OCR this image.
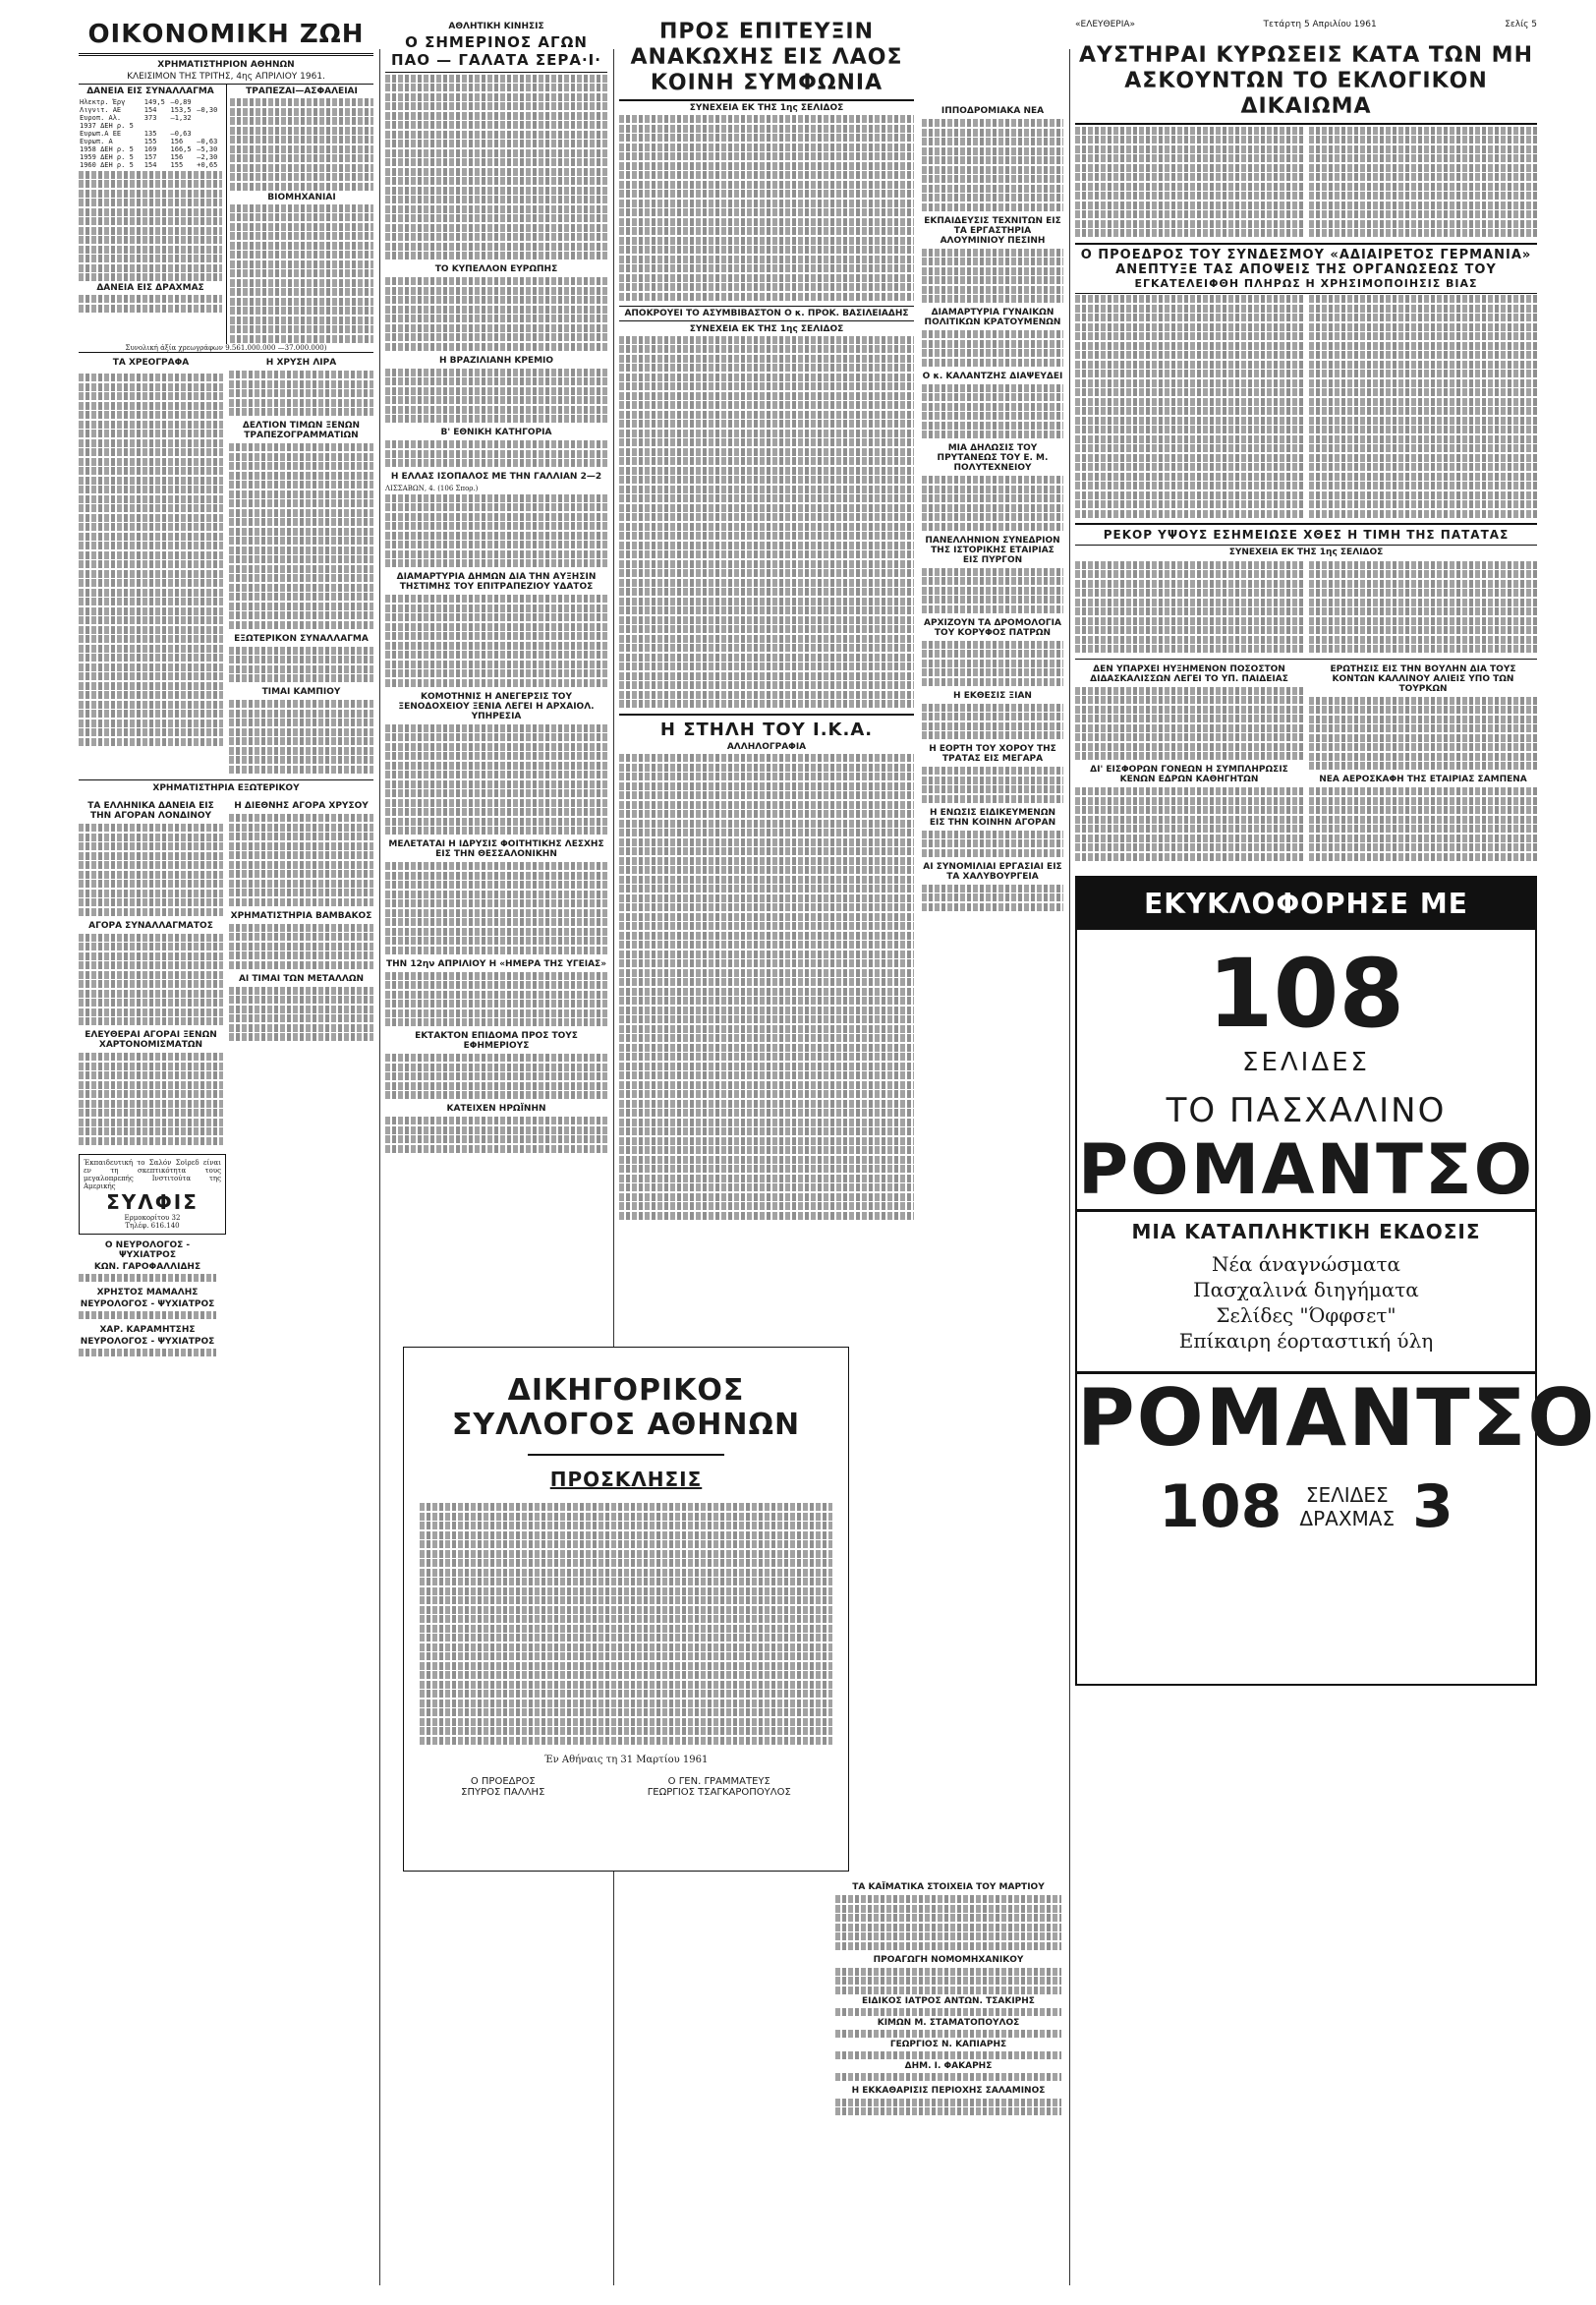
«ΕΛΕΥΘΕΡΙΑ»	Τετάρτη 5 Απριλίου 1961	Σελίς 5
ΟΙΚΟΝΟΜΙΚΗ ΖΩΗ
ΧΡΗΜΑΤΙΣΤΗΡΙΟΝ ΑΘΗΝΩΝ
ΚΛΕΙΣΙΜΟΝ ΤΗΣ ΤΡΙΤΗΣ, 4ης ΑΠΡΙΛΙΟΥ 1961.
ΔΑΝΕΙΑ ΕΙΣ ΣΥΝΑΛΛΑΓΜΑ
Ηλεκτρ. Έργ	149,5	—0,89	
Λιγνιτ. ΑΕ	154	153,5	—0,30
Ευροπ. Αλ.	373	—1,32	
1937 ΔΕΗ ρ. 5			
Ευρωπ.Α ΕΕ	135	—0,63	
Ευρωπ. Α	155	156	—0,63
1958 ΔΕΗ ρ. 5	169	166,5	—5,30
1959 ΔΕΗ ρ. 5	157	156	—2,30
1960 ΔΕΗ ρ. 5	154	155	+0,65
ΔΑΝΕΙΑ ΕΙΣ ΔΡΑΧΜΑΣ
ΤΡΑΠΕΖΑΙ—ΑΣΦΑΛΕΙΑΙ
ΒΙΟΜΗΧΑΝΙΑΙ
Συνολική άξία χρεωγράφων 9.561.000.000 —37.000.000)
ΤΑ ΧΡΕΟΓΡΑΦΑ	Η ΧΡΥΣΗ ΛΙΡΑ
ΔΕΛΤΙΟΝ ΤΙΜΩΝ ΞΕΝΩΝ ΤΡΑΠΕΖΟΓΡΑΜΜΑΤΙΩΝ
ΕΞΩΤΕΡΙΚΟΝ ΣΥΝΑΛΛΑΓΜΑ
ΤΙΜΑΙ ΚΑΜΠΙΟΥ
ΧΡΗΜΑΤΙΣΤΗΡΙΑ ΕΞΩΤΕΡΙΚΟΥ
ΤΑ ΕΛΛΗΝΙΚΑ ΔΑΝΕΙΑ ΕΙΣ ΤΗΝ ΑΓΟΡΑΝ ΛΟΝΔΙΝΟΥ
ΑΓΟΡΑ ΣΥΝΑΛΛΑΓΜΑΤΟΣ
ΕΛΕΥΘΕΡΑΙ ΑΓΟΡΑΙ ΞΕΝΩΝ ΧΑΡΤΟΝΟΜΙΣΜΑΤΩΝ
Η ΔΙΕΘΝΗΣ ΑΓΟΡΑ ΧΡΥΣΟΥ
ΧΡΗΜΑΤΙΣΤΗΡΙΑ ΒΑΜΒΑΚΟΣ
ΑΙ ΤΙΜΑΙ ΤΩΝ ΜΕΤΑΛΛΩΝ
Έκπαιδευτική το Σαλόν Σοϊρεδ είναι εν τη σκεπτικότητα τους μεγαλοπρεπής Ινστιτούτα της Αμερικής
ΣΥΛΦΙΣ
Ερμοκορίτου 32
Τηλέφ. 616.140
Ο ΝΕΥΡΟΛΟΓΟΣ - ΨΥΧΙΑΤΡΟΣ
ΚΩΝ. ΓΑΡΟΦΑΛΛΙΔΗΣ
ΧΡΗΣΤΟΣ ΜΑΜΑΛΗΣ
ΝΕΥΡΟΛΟΓΟΣ - ΨΥΧΙΑΤΡΟΣ
ΧΑΡ. ΚΑΡΑΜΗΤΣΗΣ
ΝΕΥΡΟΛΟΓΟΣ - ΨΥΧΙΑΤΡΟΣ
ΑΘΛΗΤΙΚΗ ΚΙΝΗΣΙΣ
Ο ΣΗΜΕΡΙΝΟΣ ΑΓΩΝ ΠΑΟ — ΓΑΛΑΤΑ ΣΕΡΑ·Ι·
ΤΟ ΚΥΠΕΛΛΟΝ ΕΥΡΩΠΗΣ
Η ΒΡΑΖΙΛΙΑΝΗ ΚΡΕΜΙΟ
Β' ΕΘΝΙΚΗ ΚΑΤΗΓΟΡΙΑ
Η ΕΛΛΑΣ ΙΣΟΠΑΛΟΣ ΜΕ ΤΗΝ ΓΑΛΛΙΑΝ 2—2
ΛΙΣΣΑΒΩΝ, 4. (106 Σπορ.)
ΔΙΑΜΑΡΤΥΡΙΑ ΔΗΜΩΝ ΔΙΑ ΤΗΝ ΑΥΞΗΣΙΝ ΤΗΣΤΙΜΗΣ ΤΟΥ ΕΠΙΤΡΑΠΕΖΙΟΥ ΥΔΑΤΟΣ
ΚΟΜΟΤΗΝΙΣ Η ΑΝΕΓΕΡΣΙΣ ΤΟΥ ΞΕΝΟΔΟΧΕΙΟΥ ΞΕΝΙΑ ΛΕΓΕΙ Η ΑΡΧΑΙΟΛ. ΥΠΗΡΕΣΙΑ
ΜΕΛΕΤΑΤΑΙ Η ΙΔΡΥΣΙΣ ΦΟΙΤΗΤΙΚΗΣ ΛΕΣΧΗΣ ΕΙΣ ΤΗΝ ΘΕΣΣΑΛΟΝΙΚΗΝ
ΤΗΝ 12ην ΑΠΡΙΛΙΟΥ Η «ΗΜΕΡΑ ΤΗΣ ΥΓΕΙΑΣ»
ΕΚΤΑΚΤΟΝ ΕΠΙΔΟΜΑ ΠΡΟΣ ΤΟΥΣ ΕΦΗΜΕΡΙΟΥΣ
ΚΑΤΕΙΧΕΝ ΗΡΩΪΝΗΝ
ΔΙΚΗΓΟΡΙΚΟΣ
ΣΥΛΛΟΓΟΣ ΑΘΗΝΩΝ
ΠΡΟΣΚΛΗΣΙΣ
Έν Αθήναις τη 31 Μαρτίου 1961
Ο ΠΡΟΕΔΡΟΣ
ΣΠΥΡΟΣ ΠΑΛΛΗΣ
Ο ΓΕΝ. ΓΡΑΜΜΑΤΕΥΣ
ΓΕΩΡΓΙΟΣ ΤΣΑΓΚΑΡΟΠΟΥΛΟΣ
ΠΡΟΣ ΕΠΙΤΕΥΞΙΝ ΑΝΑΚΩΧΗΣ ΕΙΣ ΛΑΟΣ ΚΟΙΝΗ ΣΥΜΦΩΝΙΑ
ΣΥΝΕΧΕΙΑ ΕΚ ΤΗΣ 1ης ΣΕΛΙΔΟΣ
ΑΠΟΚΡΟΥΕΙ ΤΟ ΑΣΥΜΒΙΒΑΣΤΟΝ Ο κ. ΠΡΟΚ. ΒΑΣΙΛΕΙΑΔΗΣ
ΣΥΝΕΧΕΙΑ ΕΚ ΤΗΣ 1ης ΣΕΛΙΔΟΣ
Η ΣΤΗΛΗ ΤΟΥ Ι.Κ.Α.
ΑΛΛΗΛΟΓΡΑΦΙΑ
ΙΠΠΟΔΡΟΜΙΑΚΑ ΝΕΑ
ΕΚΠΑΙΔΕΥΣΙΣ ΤΕΧΝΙΤΩΝ ΕΙΣ ΤΑ ΕΡΓΑΣΤΗΡΙΑ ΑΛΟΥΜΙΝΙΟΥ ΠΕΣΙΝΗ
ΔΙΑΜΑΡΤΥΡΙΑ ΓΥΝΑΙΚΩΝ ΠΟΛΙΤΙΚΩΝ ΚΡΑΤΟΥΜΕΝΩΝ
Ο κ. ΚΑΛΑΝΤΖΗΣ ΔΙΑΨΕΥΔΕΙ
ΜΙΑ ΔΗΛΩΣΙΣ ΤΟΥ ΠΡΥΤΑΝΕΩΣ ΤΟΥ Ε. Μ. ΠΟΛΥΤΕΧΝΕΙΟΥ
ΠΑΝΕΛΛΗΝΙΟΝ ΣΥΝΕΔΡΙΟΝ ΤΗΣ ΙΣΤΟΡΙΚΗΣ ΕΤΑΙΡΙΑΣ ΕΙΣ ΠΥΡΓΟΝ
ΑΡΧΙΖΟΥΝ ΤΑ ΔΡΟΜΟΛΟΓΙΑ ΤΟΥ ΚΟΡΥΦΟΣ ΠΑΤΡΩΝ
Η ΕΚΘΕΣΙΣ ΞΙΑΝ
Η ΕΟΡΤΗ ΤΟΥ ΧΟΡΟΥ ΤΗΣ ΤΡΑΤΑΣ ΕΙΣ ΜΕΓΑΡΑ
Η ΕΝΩΣΙΣ ΕΙΔΙΚΕΥΜΕΝΩΝ ΕΙΣ ΤΗΝ ΚΟΙΝΗΝ ΑΓΟΡΑΝ
ΑΙ ΣΥΝΟΜΙΛΙΑΙ ΕΡΓΑΣΙΑΙ ΕΙΣ ΤΑ ΧΑΛΥΒΟΥΡΓΕΙΑ
ΤΑ ΚΑΪΜΑΤΙΚΑ ΣΤΟΙΧΕΙΑ ΤΟΥ ΜΑΡΤΙΟΥ
ΠΡΟΑΓΩΓΗ ΝΟΜΟΜΗΧΑΝΙΚΟΥ
ΕΙΔΙΚΟΣ ΙΑΤΡΟΣ ΑΝΤΩΝ. ΤΣΑΚΙΡΗΣ
ΚΙΜΩΝ Μ. ΣΤΑΜΑΤΟΠΟΥΛΟΣ
ΓΕΩΡΓΙΟΣ Ν. ΚΑΠΙΑΡΗΣ
ΔΗΜ. Ι. ΦΑΚΑΡΗΣ
Η ΕΚΚΑΘΑΡΙΣΙΣ ΠΕΡΙΟΧΗΣ ΣΑΛΑΜΙΝΟΣ
ΑΥΣΤΗΡΑΙ ΚΥΡΩΣΕΙΣ ΚΑΤΑ ΤΩΝ ΜΗ ΑΣΚΟΥΝΤΩΝ ΤΟ ΕΚΛΟΓΙΚΟΝ ΔΙΚΑΙΩΜΑ
Ο ΠΡΟΕΔΡΟΣ ΤΟΥ ΣΥΝΔΕΣΜΟΥ «ΑΔΙΑΙΡΕΤΟΣ ΓΕΡΜΑΝΙΑ» ΑΝΕΠΤΥΞΕ ΤΑΣ ΑΠΟΨΕΙΣ ΤΗΣ ΟΡΓΑΝΩΣΕΩΣ ΤΟΥ
ΕΓΚΑΤΕΛΕΙΦΘΗ ΠΛΗΡΩΣ Η ΧΡΗΣΙΜΟΠΟΙΗΣΙΣ ΒΙΑΣ
ΡΕΚΟΡ ΥΨΟΥΣ ΕΣΗΜΕΙΩΣΕ ΧΘΕΣ Η ΤΙΜΗ ΤΗΣ ΠΑΤΑΤΑΣ
ΣΥΝΕΧΕΙΑ ΕΚ ΤΗΣ 1ης ΣΕΛΙΔΟΣ
ΔΕΝ ΥΠΑΡΧΕΙ ΗΥΞΗΜΕΝΟΝ ΠΟΣΟΣΤΟΝ ΔΙΔΑΣΚΑΛΙΣΣΩΝ ΛΕΓΕΙ ΤΟ ΥΠ. ΠΑΙΔΕΙΑΣ
ΔΙ' ΕΙΣΦΟΡΩΝ ΓΟΝΕΩΝ Η ΣΥΜΠΛΗΡΩΣΙΣ ΚΕΝΩΝ ΕΔΡΩΝ ΚΑΘΗΓΗΤΩΝ
ΕΡΩΤΗΣΙΣ ΕΙΣ ΤΗΝ ΒΟΥΛΗΝ ΔΙΑ ΤΟΥΣ ΚΟΝΤΩΝ ΚΑΛΛΙΝΟΥ ΑΛΙΕΙΣ ΥΠΟ ΤΩΝ ΤΟΥΡΚΩΝ
ΝΕΑ ΑΕΡΟΣΚΑΦΗ ΤΗΣ ΕΤΑΙΡΙΑΣ ΣΑΜΠΕΝΑ
ΕΚΥΚΛΟΦΟΡΗΣΕ ΜΕ
108
ΣΕΛΙΔΕΣ
ΤΟ ΠΑΣΧΑΛΙΝΟ
ΡΟΜΑΝΤΣΟ
ΜΙΑ ΚΑΤΑΠΛΗΚΤΙΚΗ ΕΚΔΟΣΙΣ
Νέα άναγνώσματα
Πασχαλινά διηγήματα
Σελίδες "Όφφσετ"
Επίκαιρη έορταστική ύλη
ΡΟΜΑΝΤΣΟ
108	ΣΕΛΙΔΕΣ
ΔΡΑΧΜΑΣ 3
